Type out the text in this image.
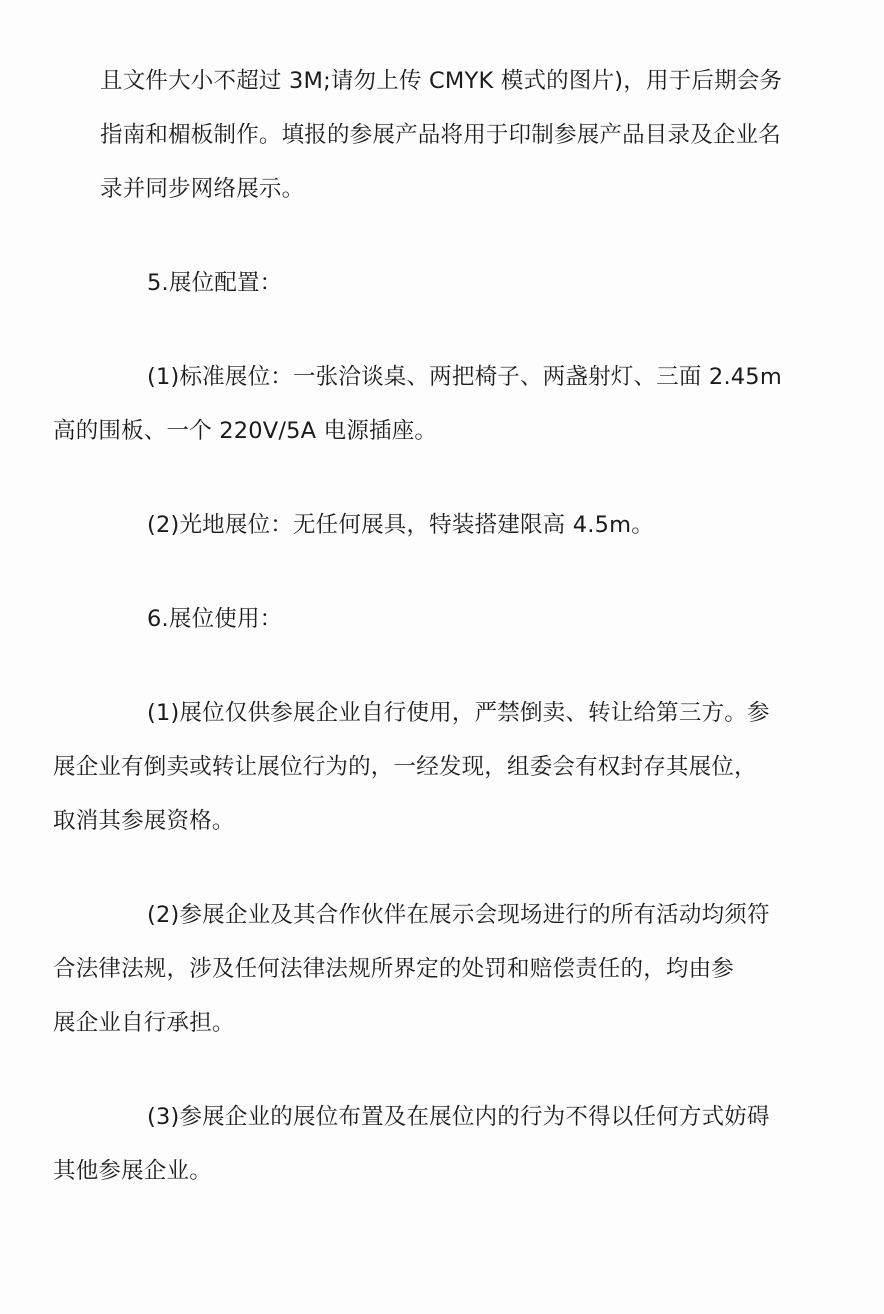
且文件大小不超过 3M;请勿上传 CMYK 模式的图片)，用于后期会务
指南和楣板制作。填报的参展产品将用于印制参展产品目录及企业名
录并同步网络展示。

5.展位配置：

(1)标准展位：一张洽谈桌、两把椅子、两盏射灯、三面 2.45m
高的围板、一个 220V/5A 电源插座。

(2)光地展位：无任何展具，特装搭建限高 4.5m。

6.展位使用：

(1)展位仅供参展企业自行使用，严禁倒卖、转让给第三方。参
展企业有倒卖或转让展位行为的，一经发现，组委会有权封存其展位，
取消其参展资格。

(2)参展企业及其合作伙伴在展示会现场进行的所有活动均须符
合法律法规，涉及任何法律法规所界定的处罚和赔偿责任的，均由参
展企业自行承担。

(3)参展企业的展位布置及在展位内的行为不得以任何方式妨碍
其他参展企业。
